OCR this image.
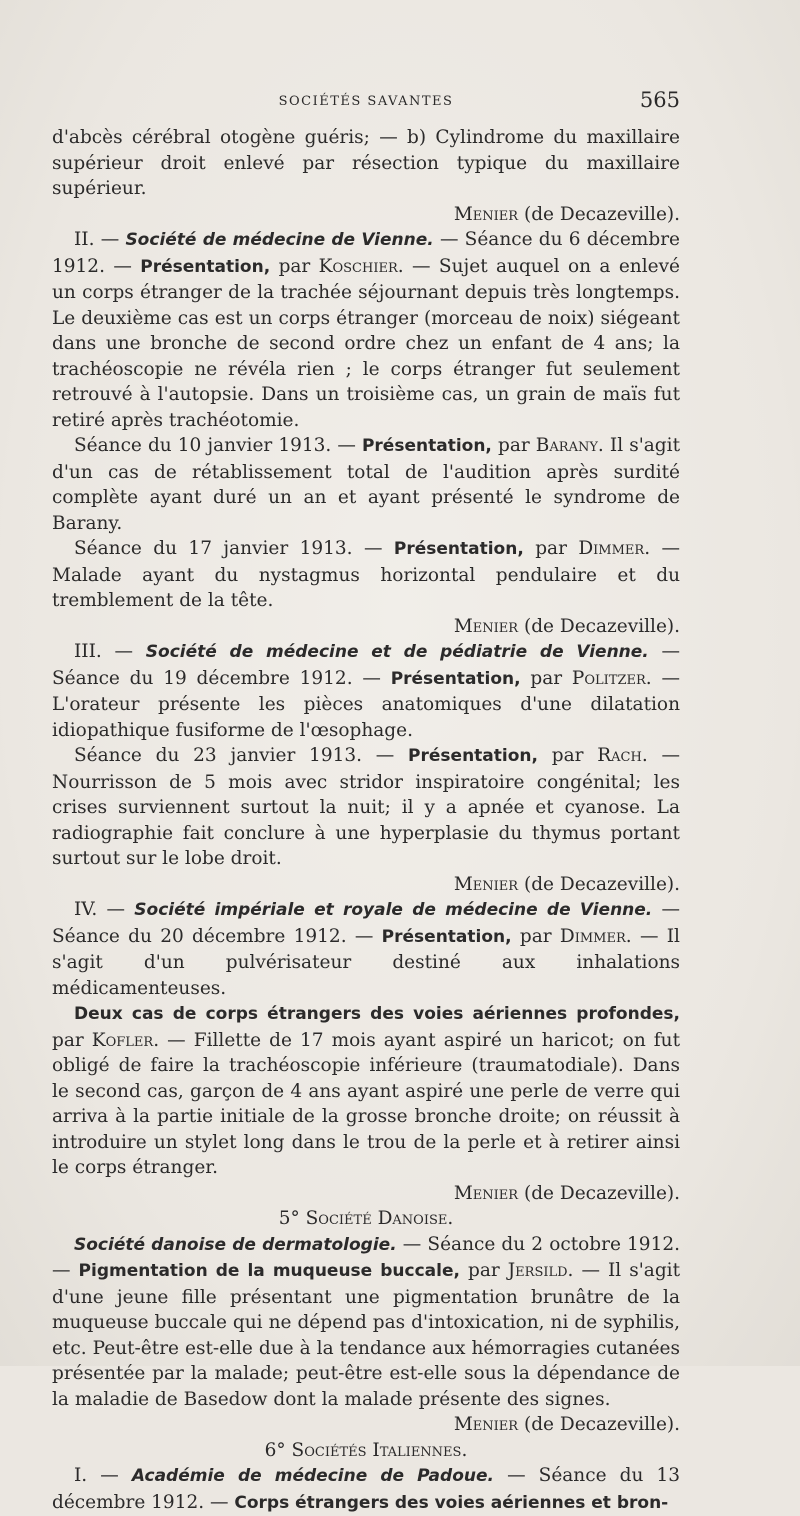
SOCIÉTÉS SAVANTES	565

d'abcès cérébral otogène guéris; — b) Cylindrome du maxillaire supérieur droit enlevé par résection typique du maxillaire supérieur.

Menier (de Decazeville).

II. — Société de médecine de Vienne. — Séance du 6 décembre 1912. — Présentation, par Koschier. — Sujet auquel on a enlevé un corps étranger de la trachée séjournant depuis très longtemps. Le deuxième cas est un corps étranger (morceau de noix) siégeant dans une bronche de second ordre chez un enfant de 4 ans; la trachéoscopie ne révéla rien ; le corps étranger fut seulement retrouvé à l'autopsie. Dans un troisième cas, un grain de maïs fut retiré après trachéotomie.

Séance du 10 janvier 1913. — Présentation, par Barany. Il s'agit d'un cas de rétablissement total de l'audition après surdité complète ayant duré un an et ayant présenté le syndrome de Barany.

Séance du 17 janvier 1913. — Présentation, par Dimmer. — Malade ayant du nystagmus horizontal pendulaire et du tremblement de la tête.

Menier (de Decazeville).

III. — Société de médecine et de pédiatrie de Vienne. — Séance du 19 décembre 1912. — Présentation, par Politzer. — L'orateur présente les pièces anatomiques d'une dilatation idiopathique fusiforme de l'œsophage.

Séance du 23 janvier 1913. — Présentation, par Rach. — Nourrisson de 5 mois avec stridor inspiratoire congénital; les crises surviennent surtout la nuit; il y a apnée et cyanose. La radiographie fait conclure à une hyperplasie du thymus portant surtout sur le lobe droit.

Menier (de Decazeville).

IV. — Société impériale et royale de médecine de Vienne. — Séance du 20 décembre 1912. — Présentation, par Dimmer. — Il s'agit d'un pulvérisateur destiné aux inhalations médicamenteuses.

Deux cas de corps étrangers des voies aériennes profondes, par Kofler. — Fillette de 17 mois ayant aspiré un haricot; on fut obligé de faire la trachéoscopie inférieure (traumatodiale). Dans le second cas, garçon de 4 ans ayant aspiré une perle de verre qui arriva à la partie initiale de la grosse bronche droite; on réussit à introduire un stylet long dans le trou de la perle et à retirer ainsi le corps étranger.

Menier (de Decazeville).

5° Société Danoise.

Société danoise de dermatologie. — Séance du 2 octobre 1912. — Pigmentation de la muqueuse buccale, par Jersild. — Il s'agit d'une jeune fille présentant une pigmentation brunâtre de la muqueuse buccale qui ne dépend pas d'intoxication, ni de syphilis, etc. Peut-être est-elle due à la tendance aux hémorragies cutanées présentée par la malade; peut-être est-elle sous la dépendance de la maladie de Basedow dont la malade présente des signes.

Menier (de Decazeville).

6° Sociétés Italiennes.

I. — Académie de médecine de Padoue. — Séance du 13 décembre 1912. — Corps étrangers des voies aériennes et bron-
